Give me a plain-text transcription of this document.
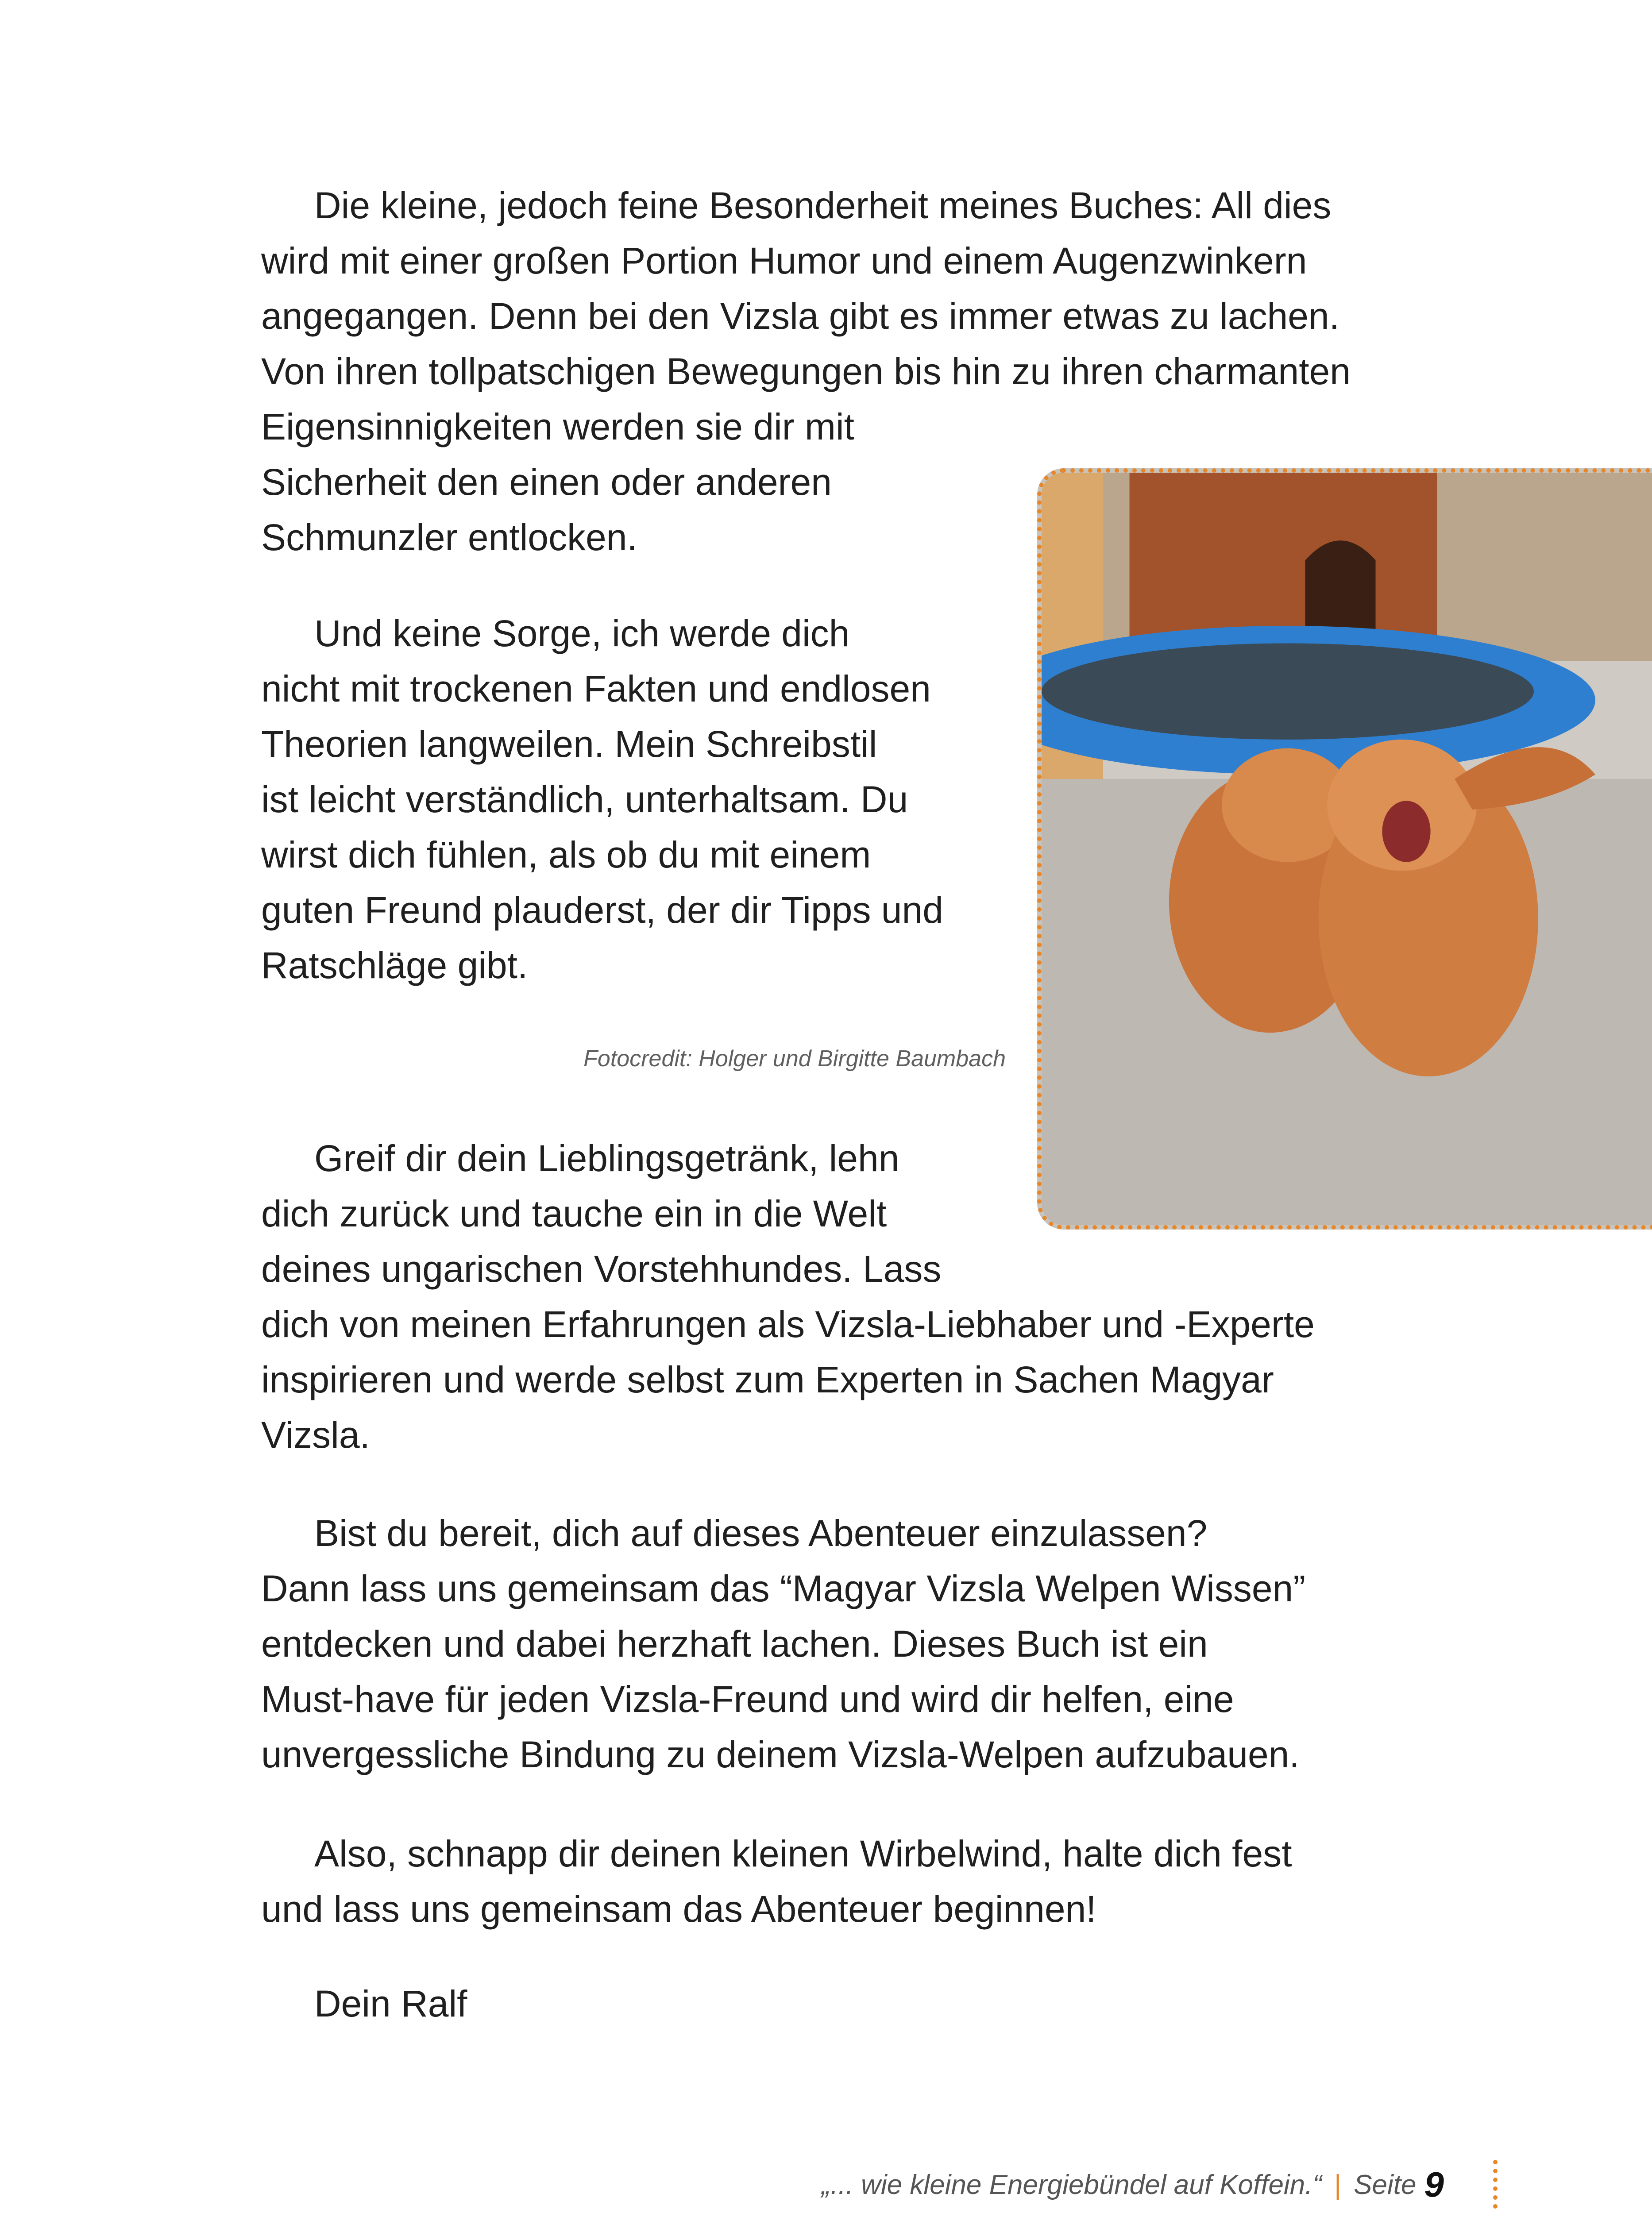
Die kleine, jedoch feine Besonderheit meines Buches: All dies
wird mit einer großen Portion Humor und einem Augenzwinkern
angegangen. Denn bei den Vizsla gibt es immer etwas zu lachen.
Von ihren tollpatschigen Bewegungen bis hin zu ihren charmanten
Eigensinnigkeiten werden sie dir mit
Sicherheit den einen oder anderen
Schmunzler entlocken.

Und keine Sorge, ich werde dich
nicht mit trockenen Fakten und endlosen
Theorien langweilen. Mein Schreibstil
ist leicht verständlich, unterhaltsam. Du
wirst dich fühlen, als ob du mit einem
guten Freund plauderst, der dir Tipps und
Ratschläge gibt.

Fotocredit: Holger und Birgitte Baumbach

Greif dir dein Lieblingsgetränk, lehn
dich zurück und tauche ein in die Welt
deines ungarischen Vorstehhundes. Lass
dich von meinen Erfahrungen als Vizsla-Liebhaber und -Experte
inspirieren und werde selbst zum Experten in Sachen Magyar
Vizsla.

Bist du bereit, dich auf dieses Abenteuer einzulassen?
Dann lass uns gemeinsam das “Magyar Vizsla Welpen Wissen”
entdecken und dabei herzhaft lachen. Dieses Buch ist ein
Must-have für jeden Vizsla-Freund und wird dir helfen, eine
unvergessliche Bindung zu deinem Vizsla-Welpen aufzubauen.

Also, schnapp dir deinen kleinen Wirbelwind, halte dich fest
und lass uns gemeinsam das Abenteuer beginnen!

Dein Ralf

„... wie kleine Energiebündel auf Koffein.“ | Seite 9
